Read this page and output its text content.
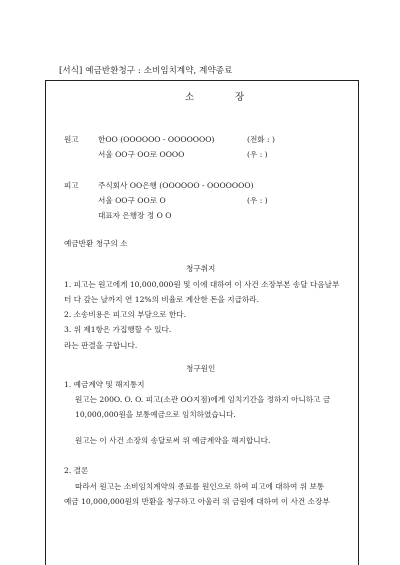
[서식] 예금반환청구 : 소비임치계약, 계약종료
소	장
원고	한OO (OOOOOO - OOOOOOO)	(전화 : )
서울 OO구 OO로 OOOO	(우 : )
피고	주식회사 OO은행 (OOOOOO - OOOOOOO)
서울 OO구 OO로 O	(우 : )
대표자 은행장 정 O O
예금반환 청구의 소
청구취지
1. 피고는 원고에게 10,000,000원 및 이에 대하여 이 사건 소장부본 송달 다음날부
터 다 갚는 날까지 연 12%의 비율로 계산한 돈을 지급하라.
2. 소송비용은 피고의 부담으로 한다.
3. 위 제1항은 가집행할 수 있다.
라는 판결을 구합니다.
청구원인
1. 예금계약 및 해지통지
원고는 200O. O. O. 피고(소관 OO지점)에게 임치기간을 정하지 아니하고 금
10,000,000원을 보통예금으로 임치하였습니다.
원고는 이 사건 소장의 송달로써 위 예금계약을 해지합니다.
2. 결론
따라서 원고는 소비임치계약의 종료를 원인으로 하여 피고에 대하여 위 보통
예금 10,000,000원의 반환을 청구하고 아울러 위 금원에 대하여 이 사건 소장부
